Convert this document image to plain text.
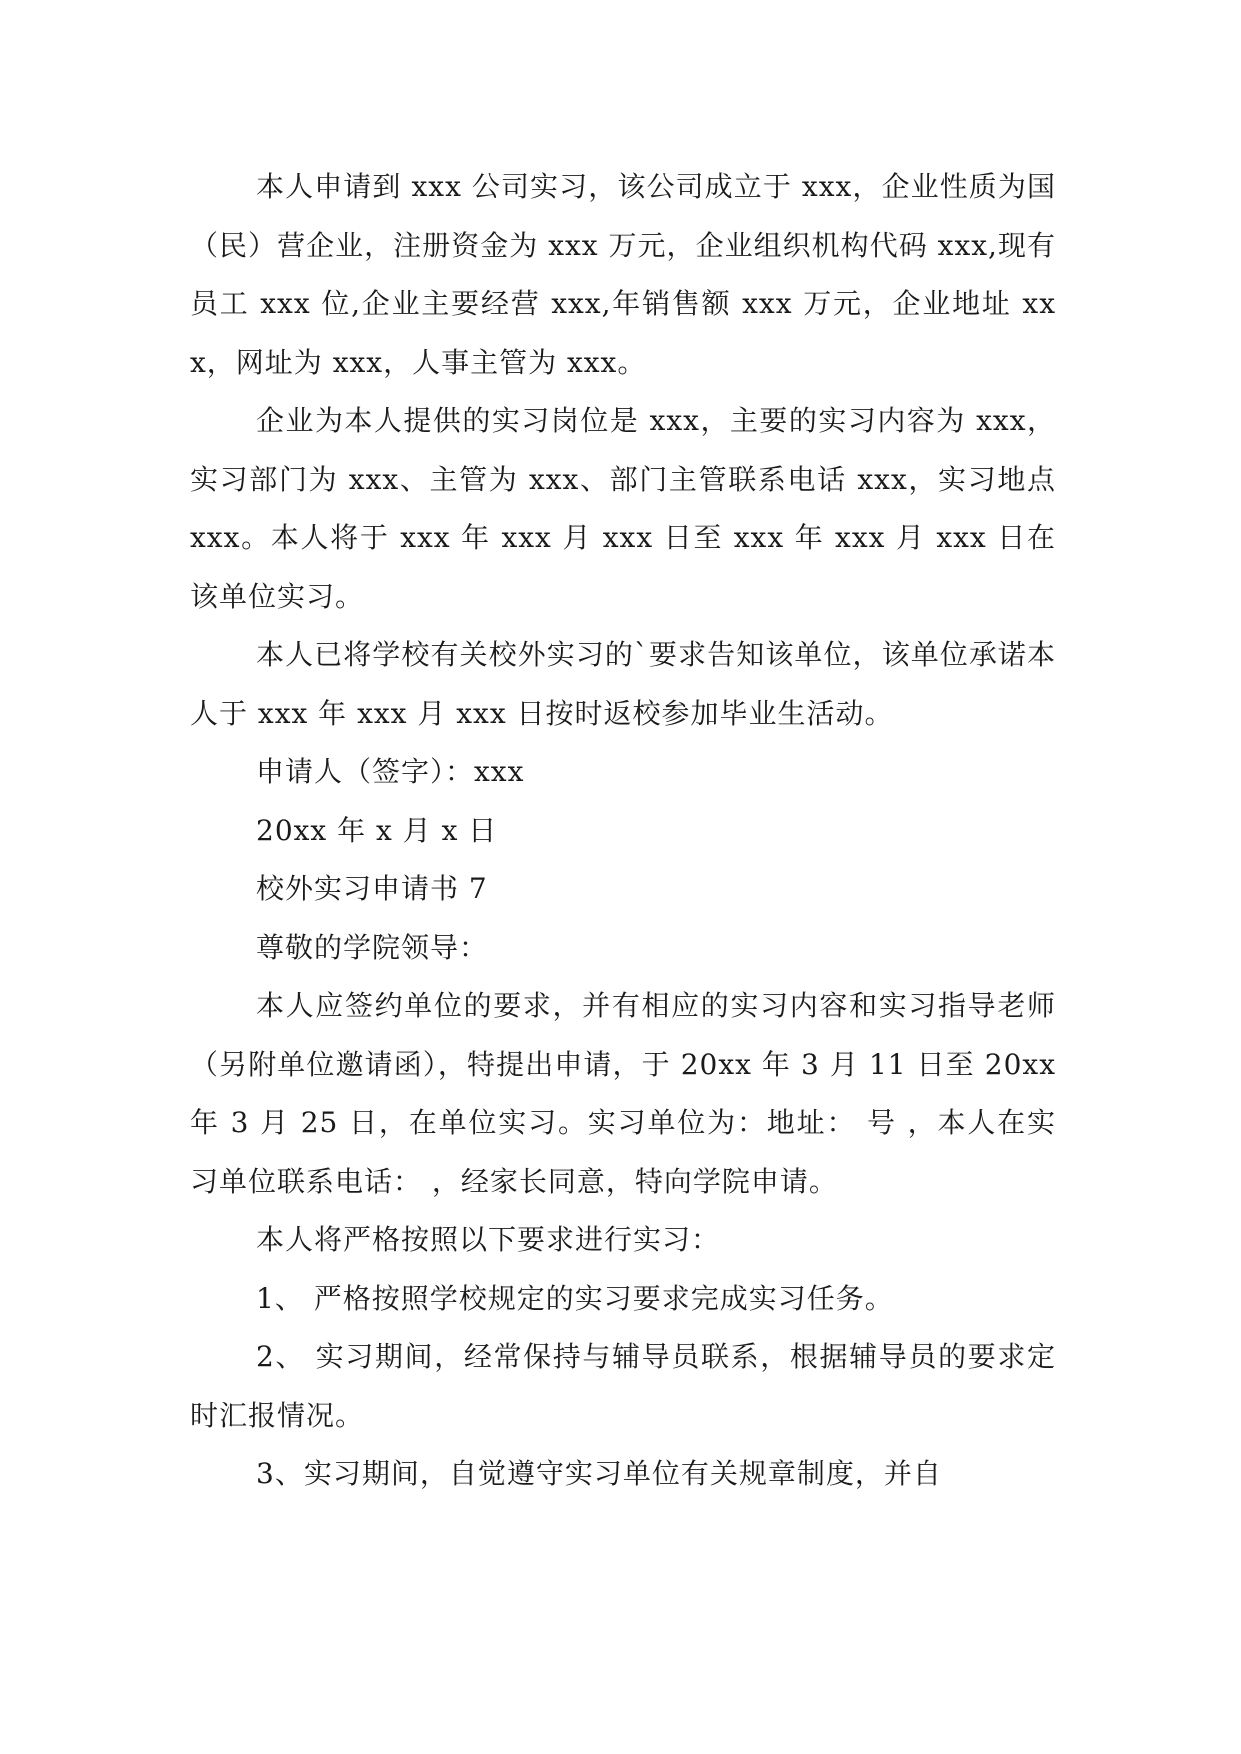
本人申请到 xxx 公司实习，该公司成立于 xxx，企业性质为国（民）营企业，注册资金为 xxx 万元，企业组织机构代码 xxx,现有员工 xxx 位,企业主要经营 xxx,年销售额 xxx 万元，企业地址 xxx，网址为 xxx，人事主管为 xxx。

企业为本人提供的实习岗位是 xxx，主要的实习内容为 xxx，实习部门为 xxx、主管为 xxx、部门主管联系电话 xxx，实习地点 xxx。本人将于 xxx 年 xxx 月 xxx 日至 xxx 年 xxx 月 xxx 日在该单位实习。

本人已将学校有关校外实习的`要求告知该单位，该单位承诺本人于 xxx 年 xxx 月 xxx 日按时返校参加毕业生活动。

申请人（签字）：xxx

20xx 年 x 月 x 日

校外实习申请书 7

尊敬的学院领导：

本人应签约单位的要求，并有相应的实习内容和实习指导老师（另附单位邀请函），特提出申请，于 20xx 年 3 月 11 日至 20xx 年 3 月 25 日，在单位实习。实习单位为：地址： 号 ，本人在实习单位联系电话： ，经家长同意，特向学院申请。

本人将严格按照以下要求进行实习：

1、 严格按照学校规定的实习要求完成实习任务。

2、 实习期间，经常保持与辅导员联系，根据辅导员的要求定时汇报情况。

3、实习期间，自觉遵守实习单位有关规章制度，并自
